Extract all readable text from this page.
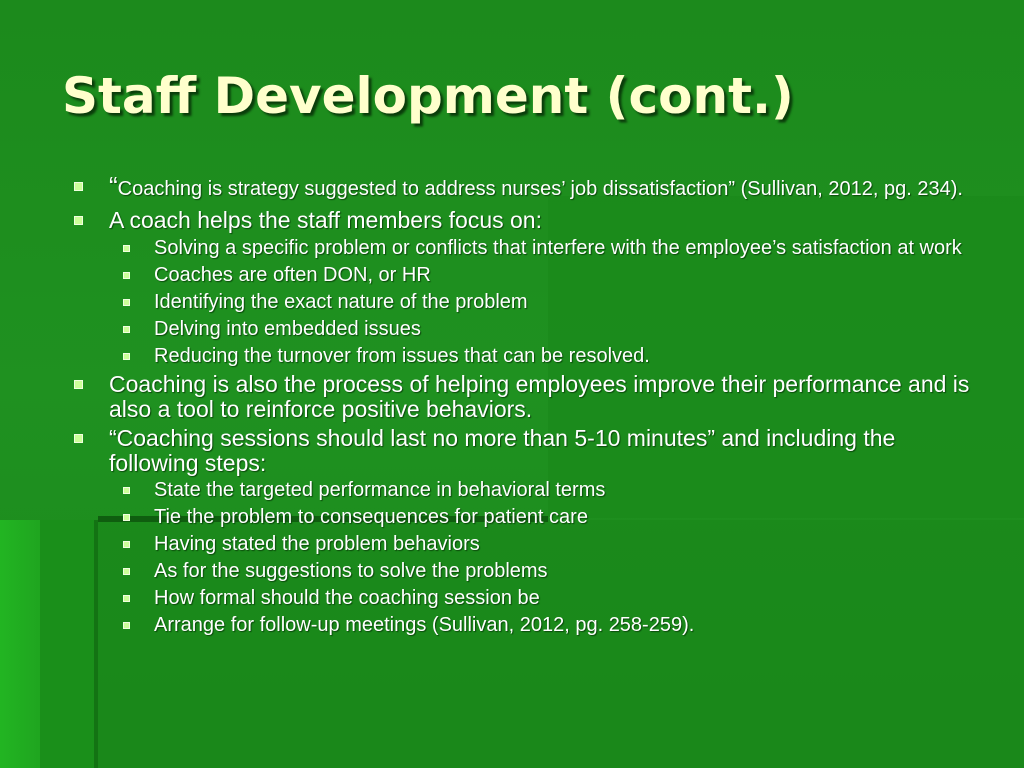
Staff Development (cont.)
“Coaching is strategy suggested to address nurses’ job dissatisfaction” (Sullivan, 2012, pg. 234).
A coach helps the staff members focus on:
Solving a specific problem or conflicts that interfere with the employee’s satisfaction at work
Coaches are often DON, or HR
Identifying the exact nature of the problem
Delving into embedded issues
Reducing the turnover from issues that can be resolved.
Coaching is also the process of helping employees improve their performance and is also a tool to reinforce positive behaviors.
“Coaching sessions should last no more than 5-10 minutes” and including the following steps:
State the targeted performance in behavioral terms
Tie the problem to consequences for patient care
Having stated the problem behaviors
As for the suggestions to solve the problems
How formal should the coaching session be
Arrange for follow-up meetings (Sullivan, 2012, pg. 258-259).
